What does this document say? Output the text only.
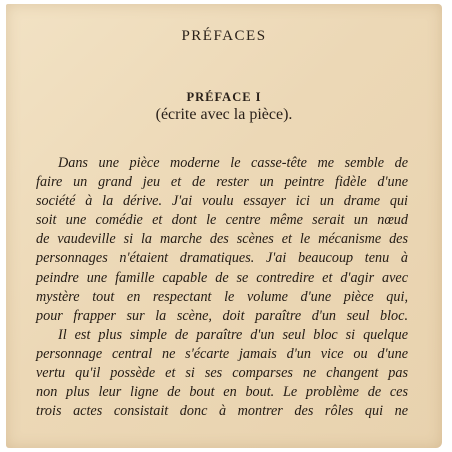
PRÉFACES
PRÉFACE I
(écrite avec la pièce).
Dans une pièce moderne le casse-tête me semble de
faire un grand jeu et de rester un peintre fidèle d'une
société à la dérive. J'ai voulu essayer ici un drame qui
soit une comédie et dont le centre même serait un nœud
de vaudeville si la marche des scènes et le mécanisme des
personnages n'étaient dramatiques. J'ai beaucoup tenu à
peindre une famille capable de se contredire et d'agir avec
mystère tout en respectant le volume d'une pièce qui,
pour frapper sur la scène, doit paraître d'un seul bloc.
Il est plus simple de paraître d'un seul bloc si quelque
personnage central ne s'écarte jamais d'un vice ou d'une
vertu qu'il possède et si ses comparses ne changent pas
non plus leur ligne de bout en bout. Le problème de ces
trois actes consistait donc à montrer des rôles qui ne
